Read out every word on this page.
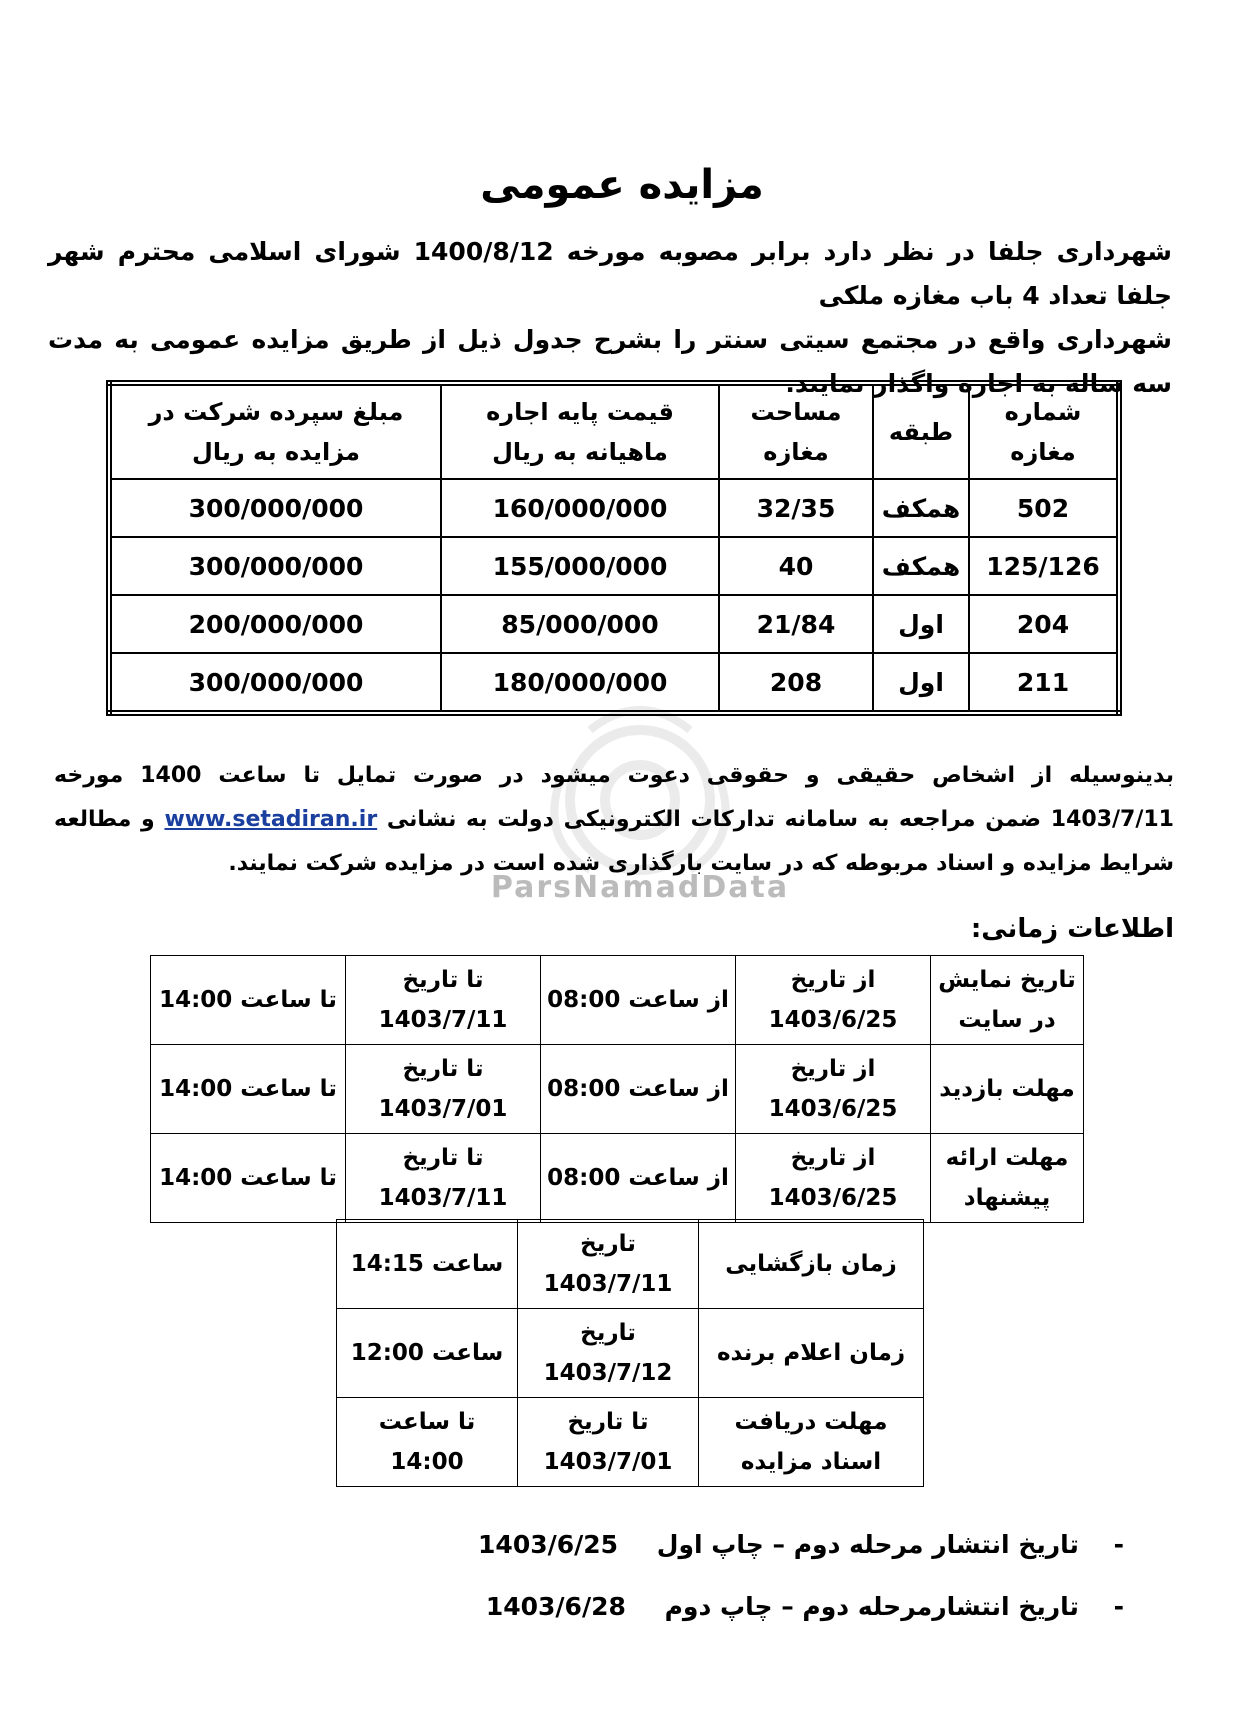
ParsNamadData
مزایده عمومی

شهرداری جلفا در نظر دارد برابر مصوبه مورخه 1400/8/12 شورای اسلامی محترم شهر جلفا تعداد 4 باب مغازه ملکی

شهرداری واقع در مجتمع سیتی سنتر را بشرح جدول ذیل از طریق مزایده عمومی به مدت سه ساله به اجاره واگذار نمایند.

شماره مغازه	طبقه	مساحت مغازه	قیمت پایه اجاره ماهیانه به ریال	مبلغ سپرده شرکت در مزایده به ریال
502	همکف	32/35	160/000/000	300/000/000
125/126	همکف	40	155/000/000	300/000/000
204	اول	21/84	85/000/000	200/000/000
211	اول	208	180/000/000	300/000/000
بدینوسیله از اشخاص حقیقی و حقوقی دعوت میشود در صورت تمایل تا ساعت 1400 مورخه 1403/7/11 ضمن مراجعه به سامانه تدارکات الکترونیکی دولت به نشانی www.setadiran.ir و مطالعه شرایط مزایده و اسناد مربوطه که در سایت بارگذاری شده است در مزایده شرکت نمایند.
اطلاعات زمانی:
تاریخ نمایش در سایت	از تاریخ 1403/6/25	از ساعت 08:00	تا تاریخ 1403/7/11	تا ساعت 14:00
مهلت بازدید	از تاریخ 1403/6/25	از ساعت 08:00	تا تاریخ 1403/7/01	تا ساعت 14:00
مهلت ارائه پیشنهاد	از تاریخ 1403/6/25	از ساعت 08:00	تا تاریخ 1403/7/11	تا ساعت 14:00
زمان بازگشایی	تاریخ 1403/7/11	ساعت 14:15
زمان اعلام برنده	تاریخ 1403/7/12	ساعت 12:00
مهلت دریافت اسناد مزایده	تا تاریخ 1403/7/01	تا ساعت 14:00
- تاریخ انتشار مرحله دوم – چاپ اول 1403/6/25
- تاریخ انتشارمرحله دوم – چاپ دوم 1403/6/28
